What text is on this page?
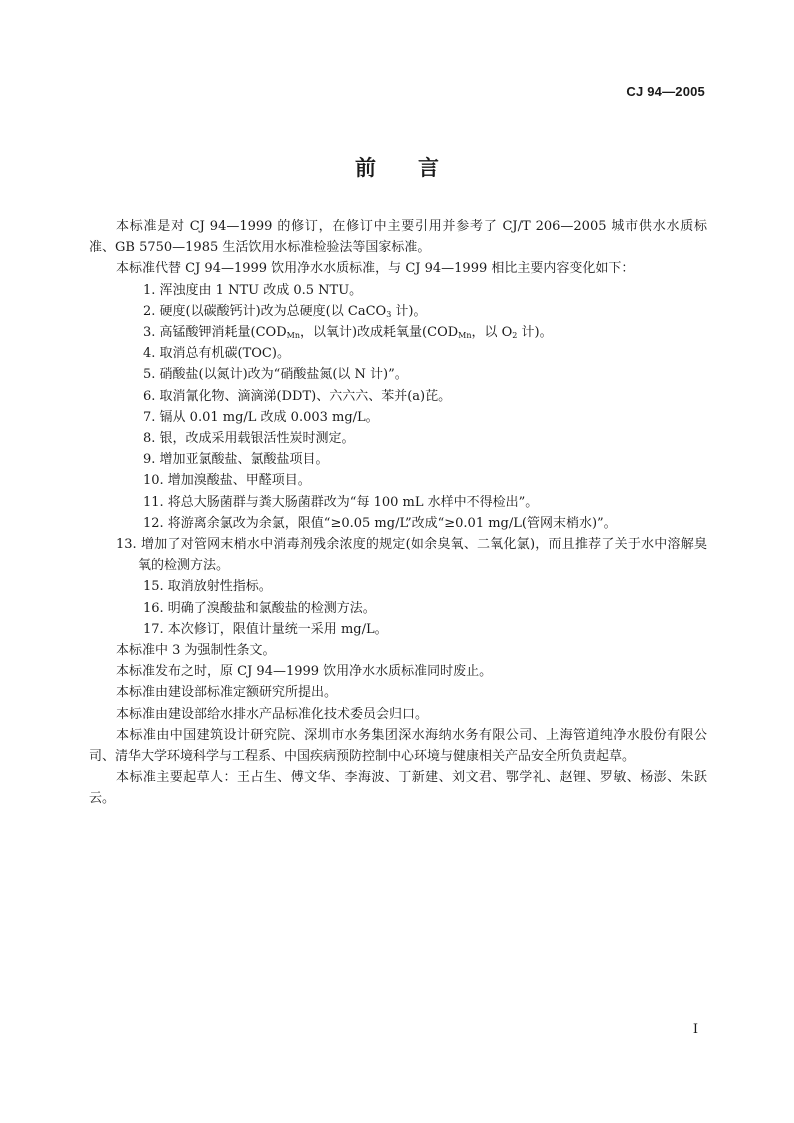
CJ 94—2005
前 言

本标准是对 CJ 94—1999 的修订，在修订中主要引用并参考了 CJ/T 206—2005 城市供水水质标准、GB 5750—1985 生活饮用水标准检验法等国家标准。

本标准代替 CJ 94—1999 饮用净水水质标准，与 CJ 94—1999 相比主要内容变化如下：

1. 浑浊度由 1 NTU 改成 0.5 NTU。

2. 硬度(以碳酸钙计)改为总硬度(以 CaCO$_3$ 计)。

3. 高锰酸钾消耗量($COD_{Mn}$，以氧计)改成耗氧量($COD_{Mn}$，以 $O_2$ 计)。

4. 取消总有机碳(TOC)。

5. 硝酸盐(以氮计)改为“硝酸盐氮(以 N 计)”。

6. 取消氰化物、滴滴涕(DDT)、六六六、苯并(a)芘。

7. 镉从 0.01 mg/L 改成 0.003 mg/L。

8. 银，改成采用载银活性炭时测定。

9. 增加亚氯酸盐、氯酸盐项目。

10. 增加溴酸盐、甲醛项目。

11. 将总大肠菌群与粪大肠菌群改为“每 100 mL 水样中不得检出”。

12. 将游离余氯改为余氯，限值“≥0.05 mg/L”改成“≥0.01 mg/L(管网末梢水)”。

13. 增加了对管网末梢水中消毒剂残余浓度的规定(如余臭氧、二氧化氯)，而且推荐了关于水中溶解臭氧的检测方法。

15. 取消放射性指标。

16. 明确了溴酸盐和氯酸盐的检测方法。

17. 本次修订，限值计量统一采用 mg/L。

本标准中 3 为强制性条文。

本标准发布之时，原 CJ 94—1999 饮用净水水质标准同时废止。

本标准由建设部标准定额研究所提出。

本标准由建设部给水排水产品标准化技术委员会归口。

本标准由中国建筑设计研究院、深圳市水务集团深水海纳水务有限公司、上海管道纯净水股份有限公司、清华大学环境科学与工程系、中国疾病预防控制中心环境与健康相关产品安全所负责起草。

本标准主要起草人：王占生、傅文华、李海波、丁新建、刘文君、鄂学礼、赵锂、罗敏、杨澎、朱跃云。

I
